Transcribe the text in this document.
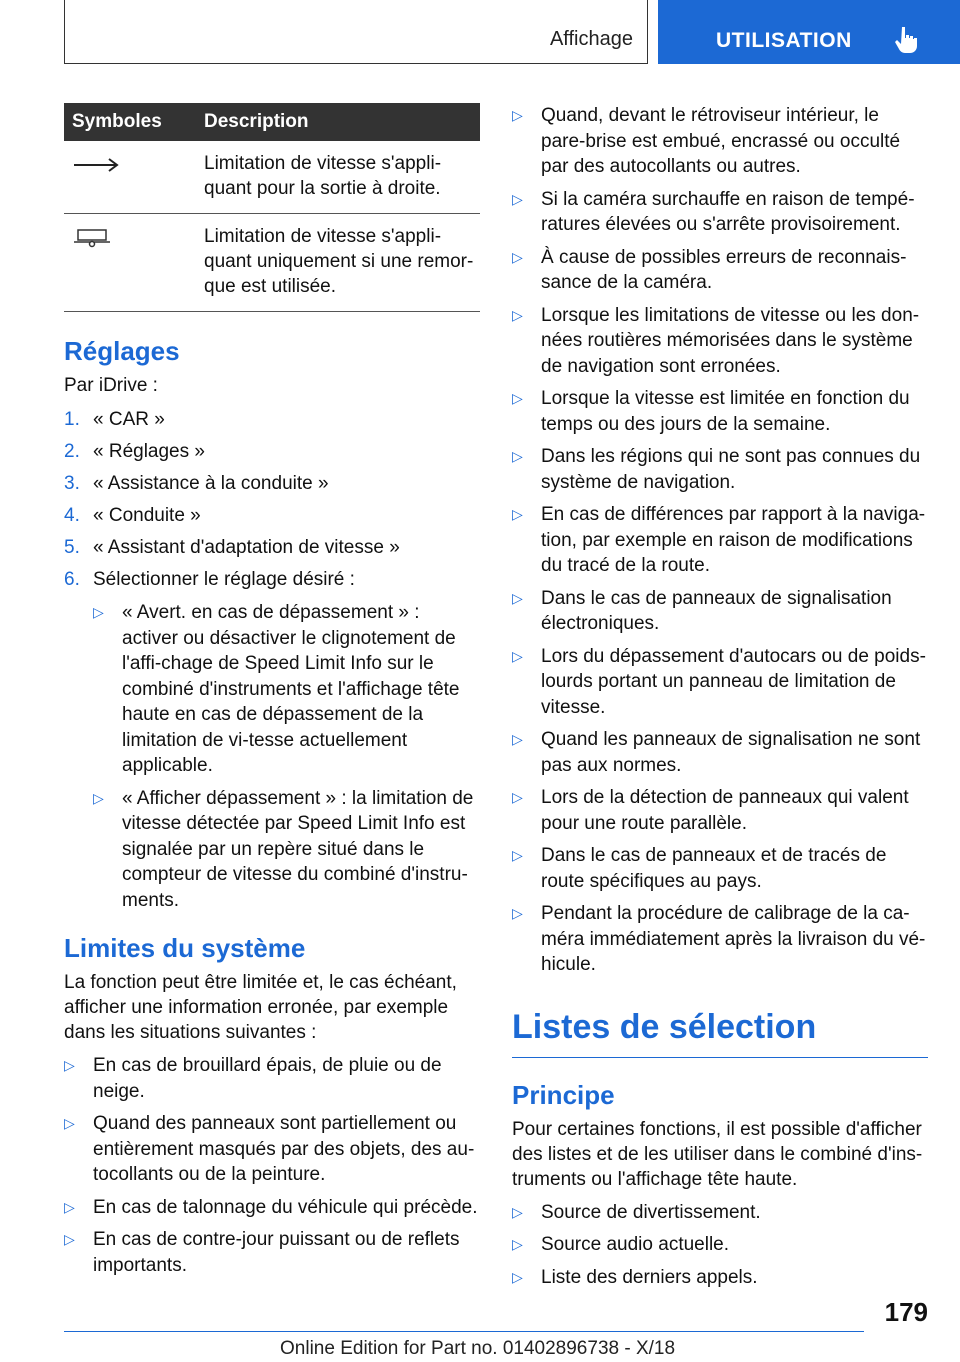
Affichage	UTILISATION
Symboles	Description
	Limitation de vitesse s'appli-quant pour la sortie à droite.
	Limitation de vitesse s'appli-quant uniquement si une remor-que est utilisée.
Réglages

Par iDrive :

1. « CAR »
2. « Réglages »
3. « Assistance à la conduite »
4. « Conduite »
5. « Assistant d'adaptation de vitesse »
6. Sélectionner le réglage désiré :
▷ « Avert. en cas de dépassement » : activer ou désactiver le clignotement de l'affi-chage de Speed Limit Info sur le combiné d'instruments et l'affichage tête haute en cas de dépassement de la limitation de vi-tesse actuellement applicable.
▷ « Afficher dépassement » : la limitation de vitesse détectée par Speed Limit Info est signalée par un repère situé dans le compteur de vitesse du combiné d'instru-ments.
Limites du système

La fonction peut être limitée et, le cas échéant, afficher une information erronée, par exemple dans les situations suivantes :

▷ En cas de brouillard épais, de pluie ou de neige.
▷ Quand des panneaux sont partiellement ou entièrement masqués par des objets, des au-tocollants ou de la peinture.
▷ En cas de talonnage du véhicule qui précède.
▷ En cas de contre-jour puissant ou de reflets importants.
▷ Quand, devant le rétroviseur intérieur, le pare-brise est embué, encrassé ou occulté par des autocollants ou autres.
▷ Si la caméra surchauffe en raison de tempé-ratures élevées ou s'arrête provisoirement.
▷ À cause de possibles erreurs de reconnais-sance de la caméra.
▷ Lorsque les limitations de vitesse ou les don-nées routières mémorisées dans le système de navigation sont erronées.
▷ Lorsque la vitesse est limitée en fonction du temps ou des jours de la semaine.
▷ Dans les régions qui ne sont pas connues du système de navigation.
▷ En cas de différences par rapport à la naviga-tion, par exemple en raison de modifications du tracé de la route.
▷ Dans le cas de panneaux de signalisation électroniques.
▷ Lors du dépassement d'autocars ou de poids-lourds portant un panneau de limitation de vitesse.
▷ Quand les panneaux de signalisation ne sont pas aux normes.
▷ Lors de la détection de panneaux qui valent pour une route parallèle.
▷ Dans le cas de panneaux et de tracés de route spécifiques au pays.
▷ Pendant la procédure de calibrage de la ca-méra immédiatement après la livraison du vé-hicule.
Listes de sélection
Principe

Pour certaines fonctions, il est possible d'afficher des listes et de les utiliser dans le combiné d'ins-truments ou l'affichage tête haute.

▷ Source de divertissement.
▷ Source audio actuelle.
▷ Liste des derniers appels.
179
Online Edition for Part no. 01402896738 - X/18
